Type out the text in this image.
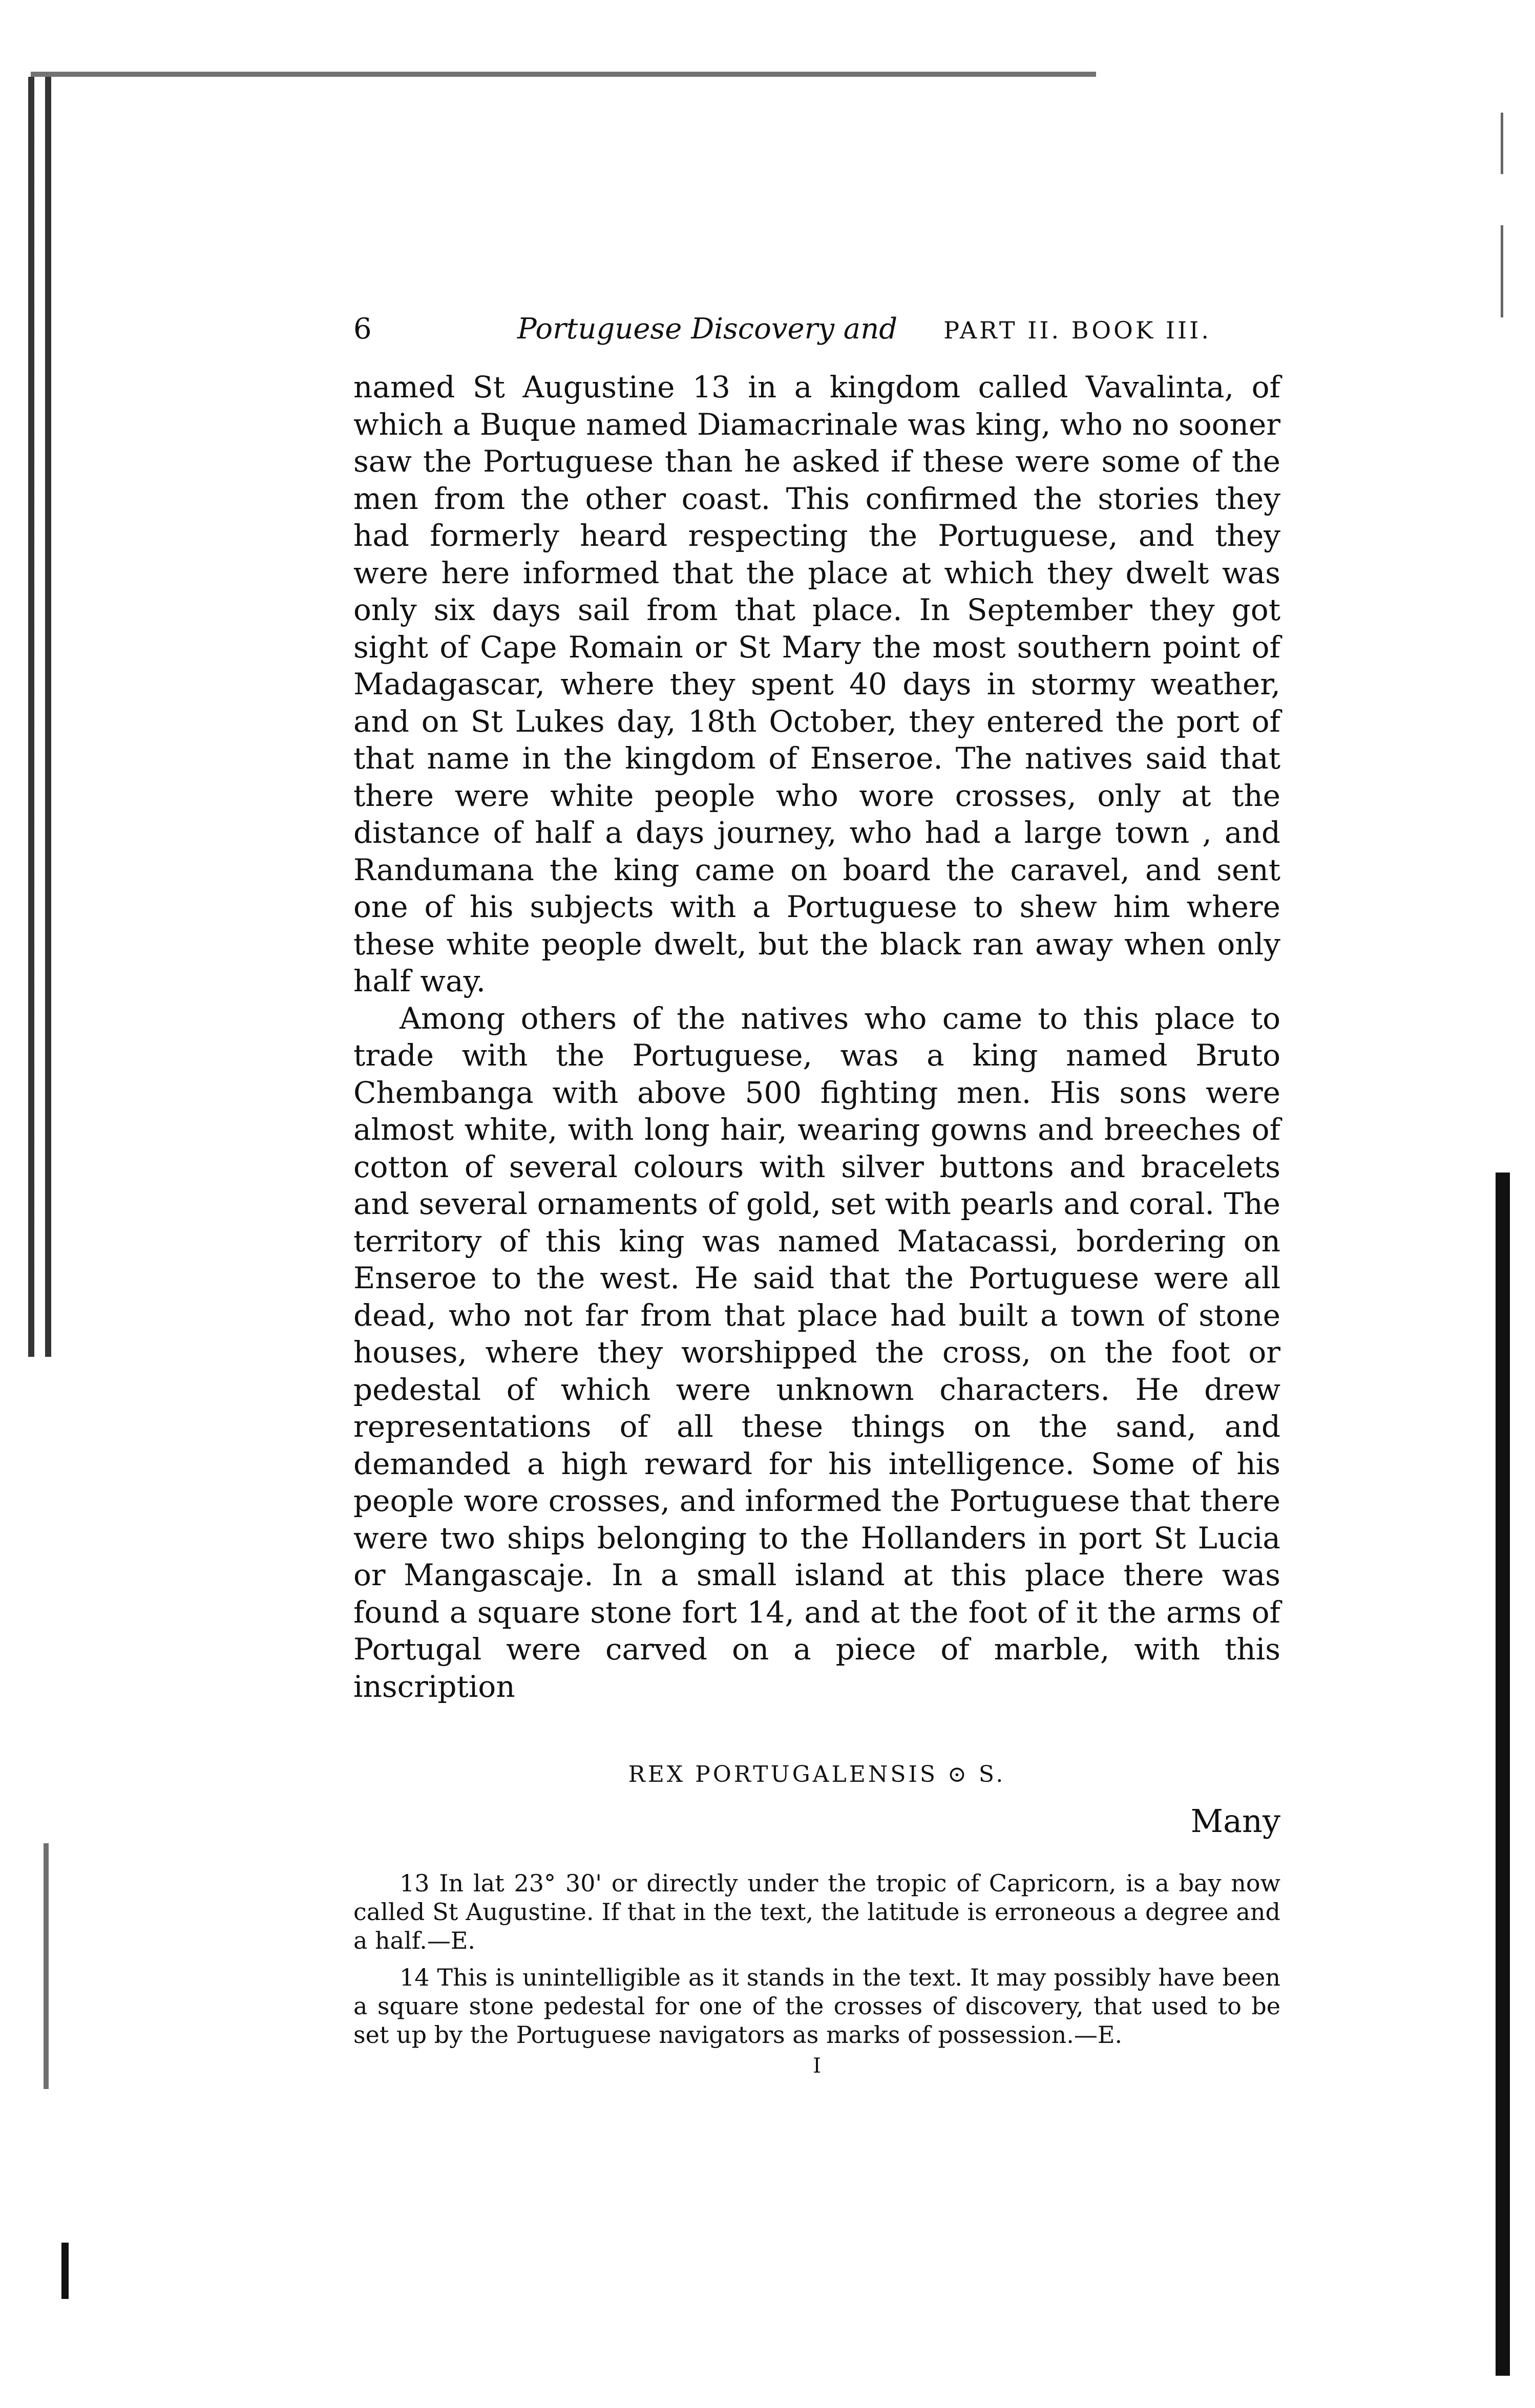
6	Portuguese Discovery and PART II. BOOK III.

named St Augustine 13 in a kingdom called Vavalinta, of which a Buque named Diamacrinale was king, who no sooner saw the Portuguese than he asked if these were some of the men from the other coast. This confirmed the stories they had formerly heard respecting the Portuguese, and they were here informed that the place at which they dwelt was only six days sail from that place. In September they got sight of Cape Romain or St Mary the most southern point of Madagascar, where they spent 40 days in stormy weather, and on St Lukes day, 18th October, they entered the port of that name in the kingdom of Enseroe. The natives said that there were white people who wore crosses, only at the distance of half a days journey, who had a large town , and Randumana the king came on board the caravel, and sent one of his subjects with a Portuguese to shew him where these white people dwelt, but the black ran away when only half way.

Among others of the natives who came to this place to trade with the Portuguese, was a king named Bruto Chembanga with above 500 fighting men. His sons were almost white, with long hair, wearing gowns and breeches of cotton of several colours with silver buttons and bracelets and several ornaments of gold, set with pearls and coral. The territory of this king was named Matacassi, bordering on Enseroe to the west. He said that the Portuguese were all dead, who not far from that place had built a town of stone houses, where they worshipped the cross, on the foot or pedestal of which were unknown characters. He drew representations of all these things on the sand, and demanded a high reward for his intelligence. Some of his people wore crosses, and informed the Portuguese that there were two ships belonging to the Hollanders in port St Lucia or Mangascaje. In a small island at this place there was found a square stone fort 14, and at the foot of it the arms of Portugal were carved on a piece of marble, with this inscription

REX PORTUGALENSIS ⊙ S.
Many
13 In lat 23° 30' or directly under the tropic of Capricorn, is a bay now called St Augustine. If that in the text, the latitude is erroneous a degree and a half.—E.
14 This is unintelligible as it stands in the text. It may possibly have been a square stone pedestal for one of the crosses of discovery, that used to be set up by the Portuguese navigators as marks of possession.—E.
I
